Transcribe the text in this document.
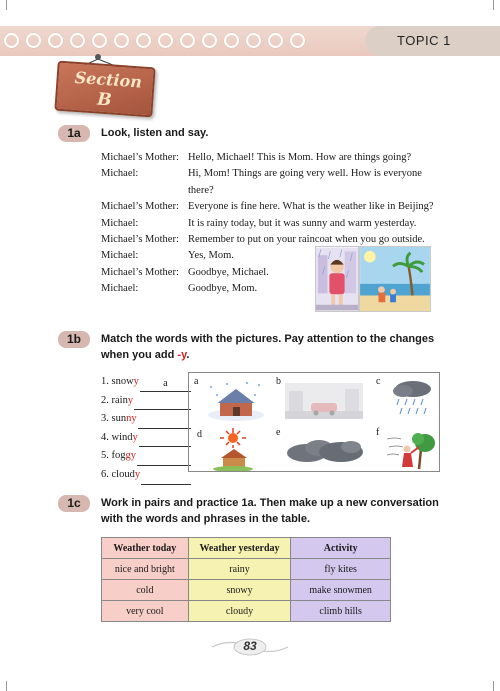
TOPIC 1
Section
B
1a	Look, listen and say.
Michael’s Mother: Hello, Michael! This is Mom. How are things going?
Michael:	Hi, Mom! Things are going very well. How is everyone
there?
Michael’s Mother: Everyone is fine here. What is the weather like in Beijing?
Michael:	It is rainy today, but it was sunny and warm yesterday.
Michael’s Mother: Remember to put on your raincoat when you go outside.
Michael:	Yes, Mom.
Michael’s Mother: Goodbye, Michael.
Michael:	Goodbye, Mom.
1b	Match the words with the pictures. Pay attention to the changes
when you add -y.
1. snow y	a
2. rain y
3. sun ny
4. wind y
5. fog gy
6. cloud y
a	b	c
d	e	f
1c	Work in pairs and practice 1a. Then make up a new conversation
with the words and phrases in the table.
Weather today	Weather yesterday	Activity
nice and bright	rainy	fly kites
cold	snowy	make snowmen
very cool	cloudy	climb hills
83
